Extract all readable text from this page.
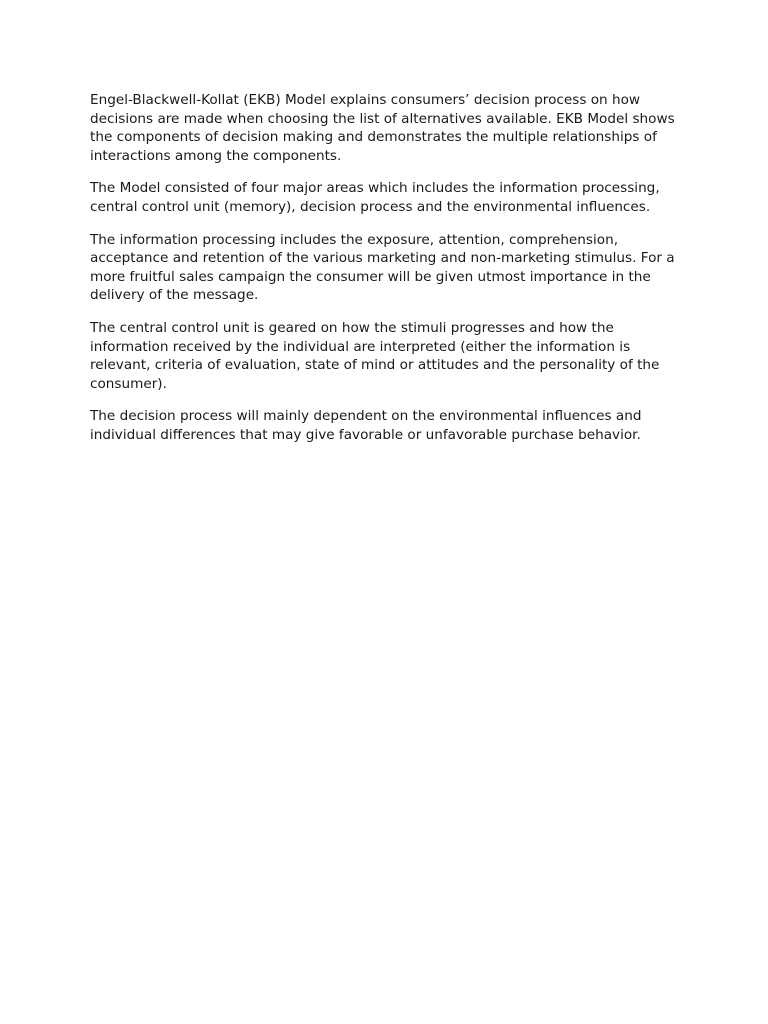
Engel-Blackwell-Kollat (EKB) Model explains consumers’ decision process on how decisions are made when choosing the list of alternatives available. EKB Model shows the components of decision making and demonstrates the multiple relationships of interactions among the components.

The Model consisted of four major areas which includes the information processing, central control unit (memory), decision process and the environmental influences.

The information processing includes the exposure, attention, comprehension, acceptance and retention of the various marketing and non-marketing stimulus. For a more fruitful sales campaign the consumer will be given utmost importance in the delivery of the message.

The central control unit is geared on how the stimuli progresses and how the information received by the individual are interpreted (either the information is relevant, criteria of evaluation, state of mind or attitudes and the personality of the consumer).

The decision process will mainly dependent on the environmental influences and individual differences that may give favorable or unfavorable purchase behavior.
